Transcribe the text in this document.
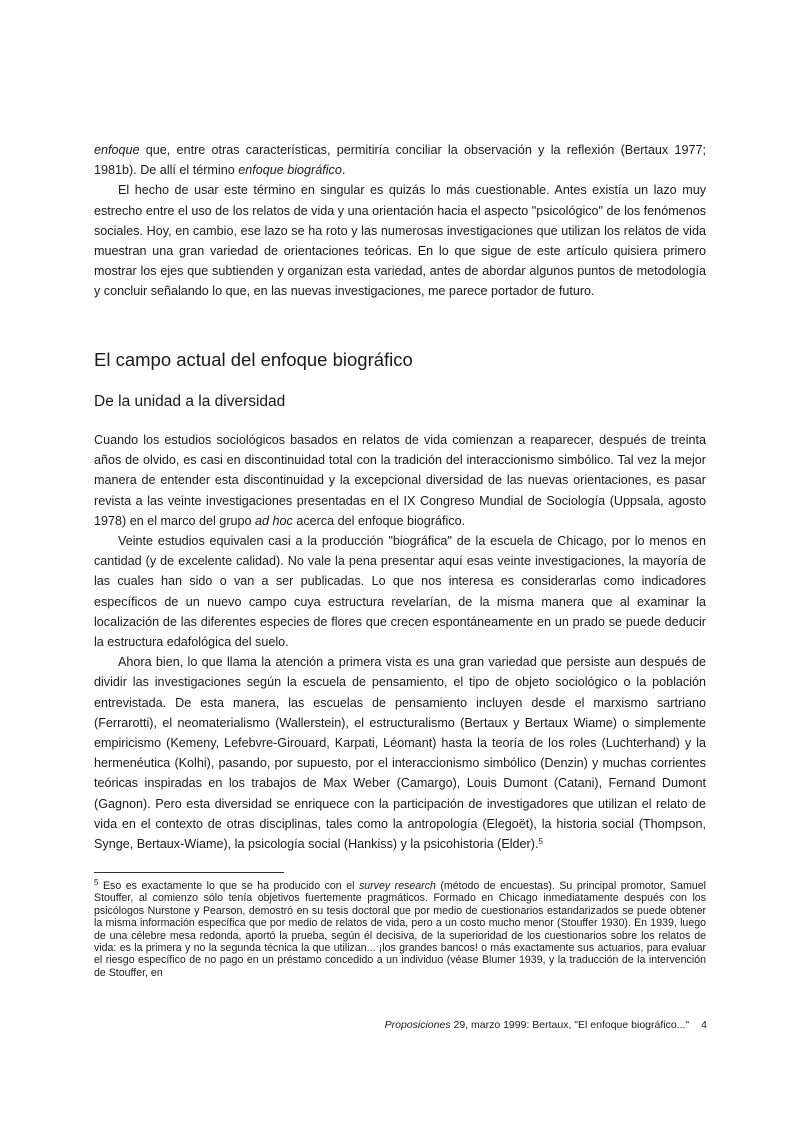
enfoque que, entre otras características, permitiría conciliar la observación y la reflexión (Bertaux 1977; 1981b). De allí el término enfoque biográfico.

El hecho de usar este término en singular es quizás lo más cuestionable. Antes existía un lazo muy estrecho entre el uso de los relatos de vida y una orientación hacia el aspecto "psicológico" de los fenómenos sociales. Hoy, en cambio, ese lazo se ha roto y las numerosas investigaciones que utilizan los relatos de vida muestran una gran variedad de orientaciones teóricas. En lo que sigue de este artículo quisiera primero mostrar los ejes que subtienden y organizan esta variedad, antes de abordar algunos puntos de metodología y concluir señalando lo que, en las nuevas investigaciones, me parece portador de futuro.

El campo actual del enfoque biográfico
De la unidad a la diversidad

Cuando los estudios sociológicos basados en relatos de vida comienzan a reaparecer, después de treinta años de olvido, es casi en discontinuidad total con la tradición del interaccionismo simbólico. Tal vez la mejor manera de entender esta discontinuidad y la excepcional diversidad de las nuevas orientaciones, es pasar revista a las veinte investigaciones presentadas en el IX Congreso Mundial de Sociología (Uppsala, agosto 1978) en el marco del grupo ad hoc acerca del enfoque biográfico.

Veinte estudios equivalen casi a la producción "biográfica" de la escuela de Chicago, por lo menos en cantidad (y de excelente calidad). No vale la pena presentar aquí esas veinte investigaciones, la mayoría de las cuales han sido o van a ser publicadas. Lo que nos interesa es considerarlas como indicadores específicos de un nuevo campo cuya estructura revelarían, de la misma manera que al examinar la localización de las diferentes especies de flores que crecen espontáneamente en un prado se puede deducir la estructura edafológica del suelo.

Ahora bien, lo que llama la atención a primera vista es una gran variedad que persiste aun después de dividir las investigaciones según la escuela de pensamiento, el tipo de objeto sociológico o la población entrevistada. De esta manera, las escuelas de pensamiento incluyen desde el marxismo sartriano (Ferrarotti), el neomaterialismo (Wallerstein), el estructuralismo (Bertaux y Bertaux Wiame) o simplemente empiricismo (Kemeny, Lefebvre-Girouard, Karpati, Léomant) hasta la teoría de los roles (Luchterhand) y la hermenéutica (Kolhi), pasando, por supuesto, por el interaccionismo simbólico (Denzin) y muchas corrientes teóricas inspiradas en los trabajos de Max Weber (Camargo), Louis Dumont (Catani), Fernand Dumont (Gagnon). Pero esta diversidad se enriquece con la participación de investigadores que utilizan el relato de vida en el contexto de otras disciplinas, tales como la antropología (Elegoët), la historia social (Thompson, Synge, Bertaux-Wiame), la psicología social (Hankiss) y la psicohistoria (Elder).$^5$

$^5$ Eso es exactamente lo que se ha producido con el survey research (método de encuestas). Su principal promotor, Samuel Stouffer, al comienzo sólo tenía objetivos fuertemente pragmáticos. Formado en Chicago inmediatamente después con los psicólogos Nurstone y Pearson, demostró en su tesis doctoral que por medio de cuestionarios estandarizados se puede obtener la misma información específica que por medio de relatos de vida, pero a un costo mucho menor (Stouffer 1930). En 1939, luego de una célebre mesa redonda, aportó la prueba, según él decisiva, de la superioridad de los cuestionarios sobre los relatos de vida: es la primera y no la segunda técnica la que utilizan... ¡los grandes bancos! o más exactamente sus actuarios, para evaluar el riesgo específico de no pago en un préstamo concedido a un individuo (véase Blumer 1939, y la traducción de la intervención de Stouffer, en

Proposiciones 29, marzo 1999: Bertaux, "El enfoque biográfico..." 4
